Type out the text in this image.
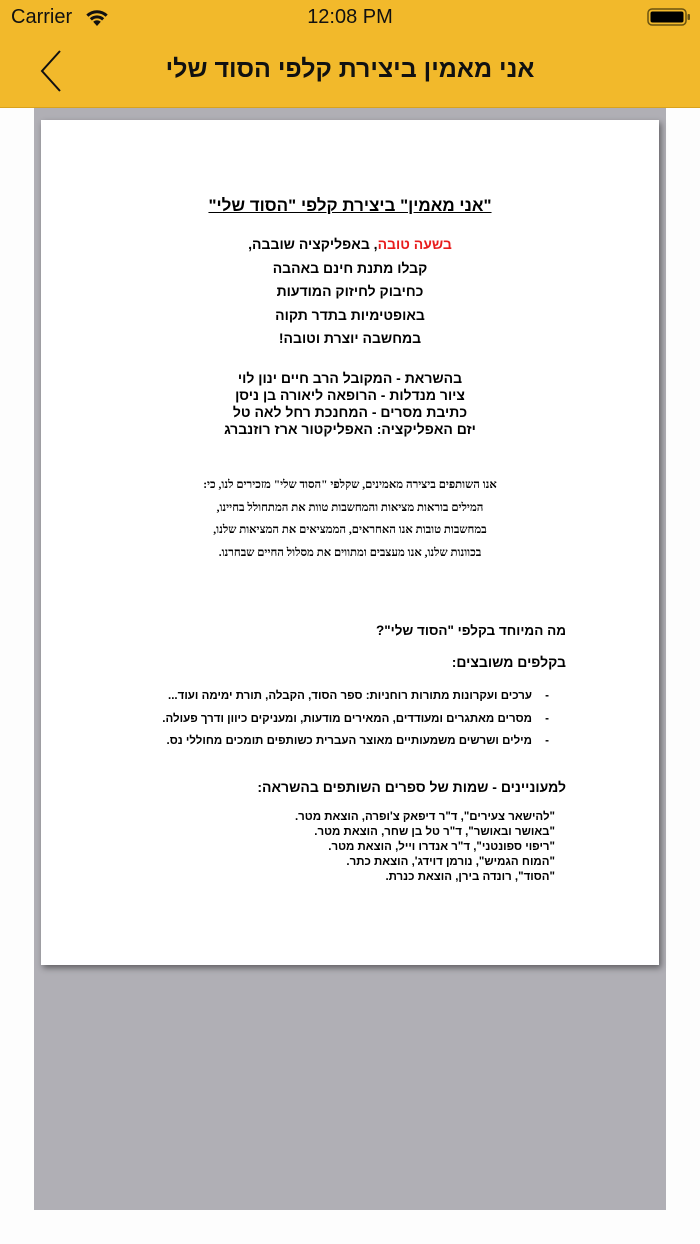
Carrier	12:08 PM
אני מאמין ביצירת קלפי הסוד שלי
"אני מאמין" ביצירת קלפי "הסוד שלי"
בשעה טובה, באפליקציה שובבה,
קבלו מתנת חינם באהבה
כחיבוק לחיזוק המודעות
באופטימיות בתדר תקוה
במחשבה יוצרת וטובה!
בהשראת - המקובל הרב חיים ינון לוי
ציור מנדלות - הרופאה ליאורה בן ניסן
כתיבת מסרים - המחנכת רחל לאה טל
יזם האפליקציה: האפליקטור ארז רוזנברג
אנו השותפים ביצירה מאמינים, שקלפי "הסוד שלי" מזכירים לנו, כי:
המילים בוראות מציאות והמחשבות טוות את המתחולל בחיינו,
במחשבות טובות אנו האחראים, הממציאים את המציאות שלנו,
בכוונות שלנו, אנו מעצבים ומתווים את מסלול החיים שבחרנו.
מה המיוחד בקלפי "הסוד שלי"?
בקלפים משובצים:
- ערכים ועקרונות מתורות רוחניות: ספר הסוד, הקבלה, תורת ימימה ועוד...
- מסרים מאתגרים ומעודדים, המאירים מודעות, ומעניקים כיוון ודרך פעולה.
- מילים ושרשים משמעותיים מאוצר העברית כשותפים תומכים מחוללי נס.
למעוניינים - שמות של ספרים השותפים בהשראה:
"להישאר צעירים", ד"ר דיפאק צ'ופרה, הוצאת מטר.
"באושר ובאושר", ד"ר טל בן שחר, הוצאת מטר.
"ריפוי ספונטני", ד"ר אנדרו וייל, הוצאת מטר.
"המוח הגמיש", נורמן דוידג', הוצאת כתר.
"הסוד", רונדה בירן, הוצאת כנרת.
